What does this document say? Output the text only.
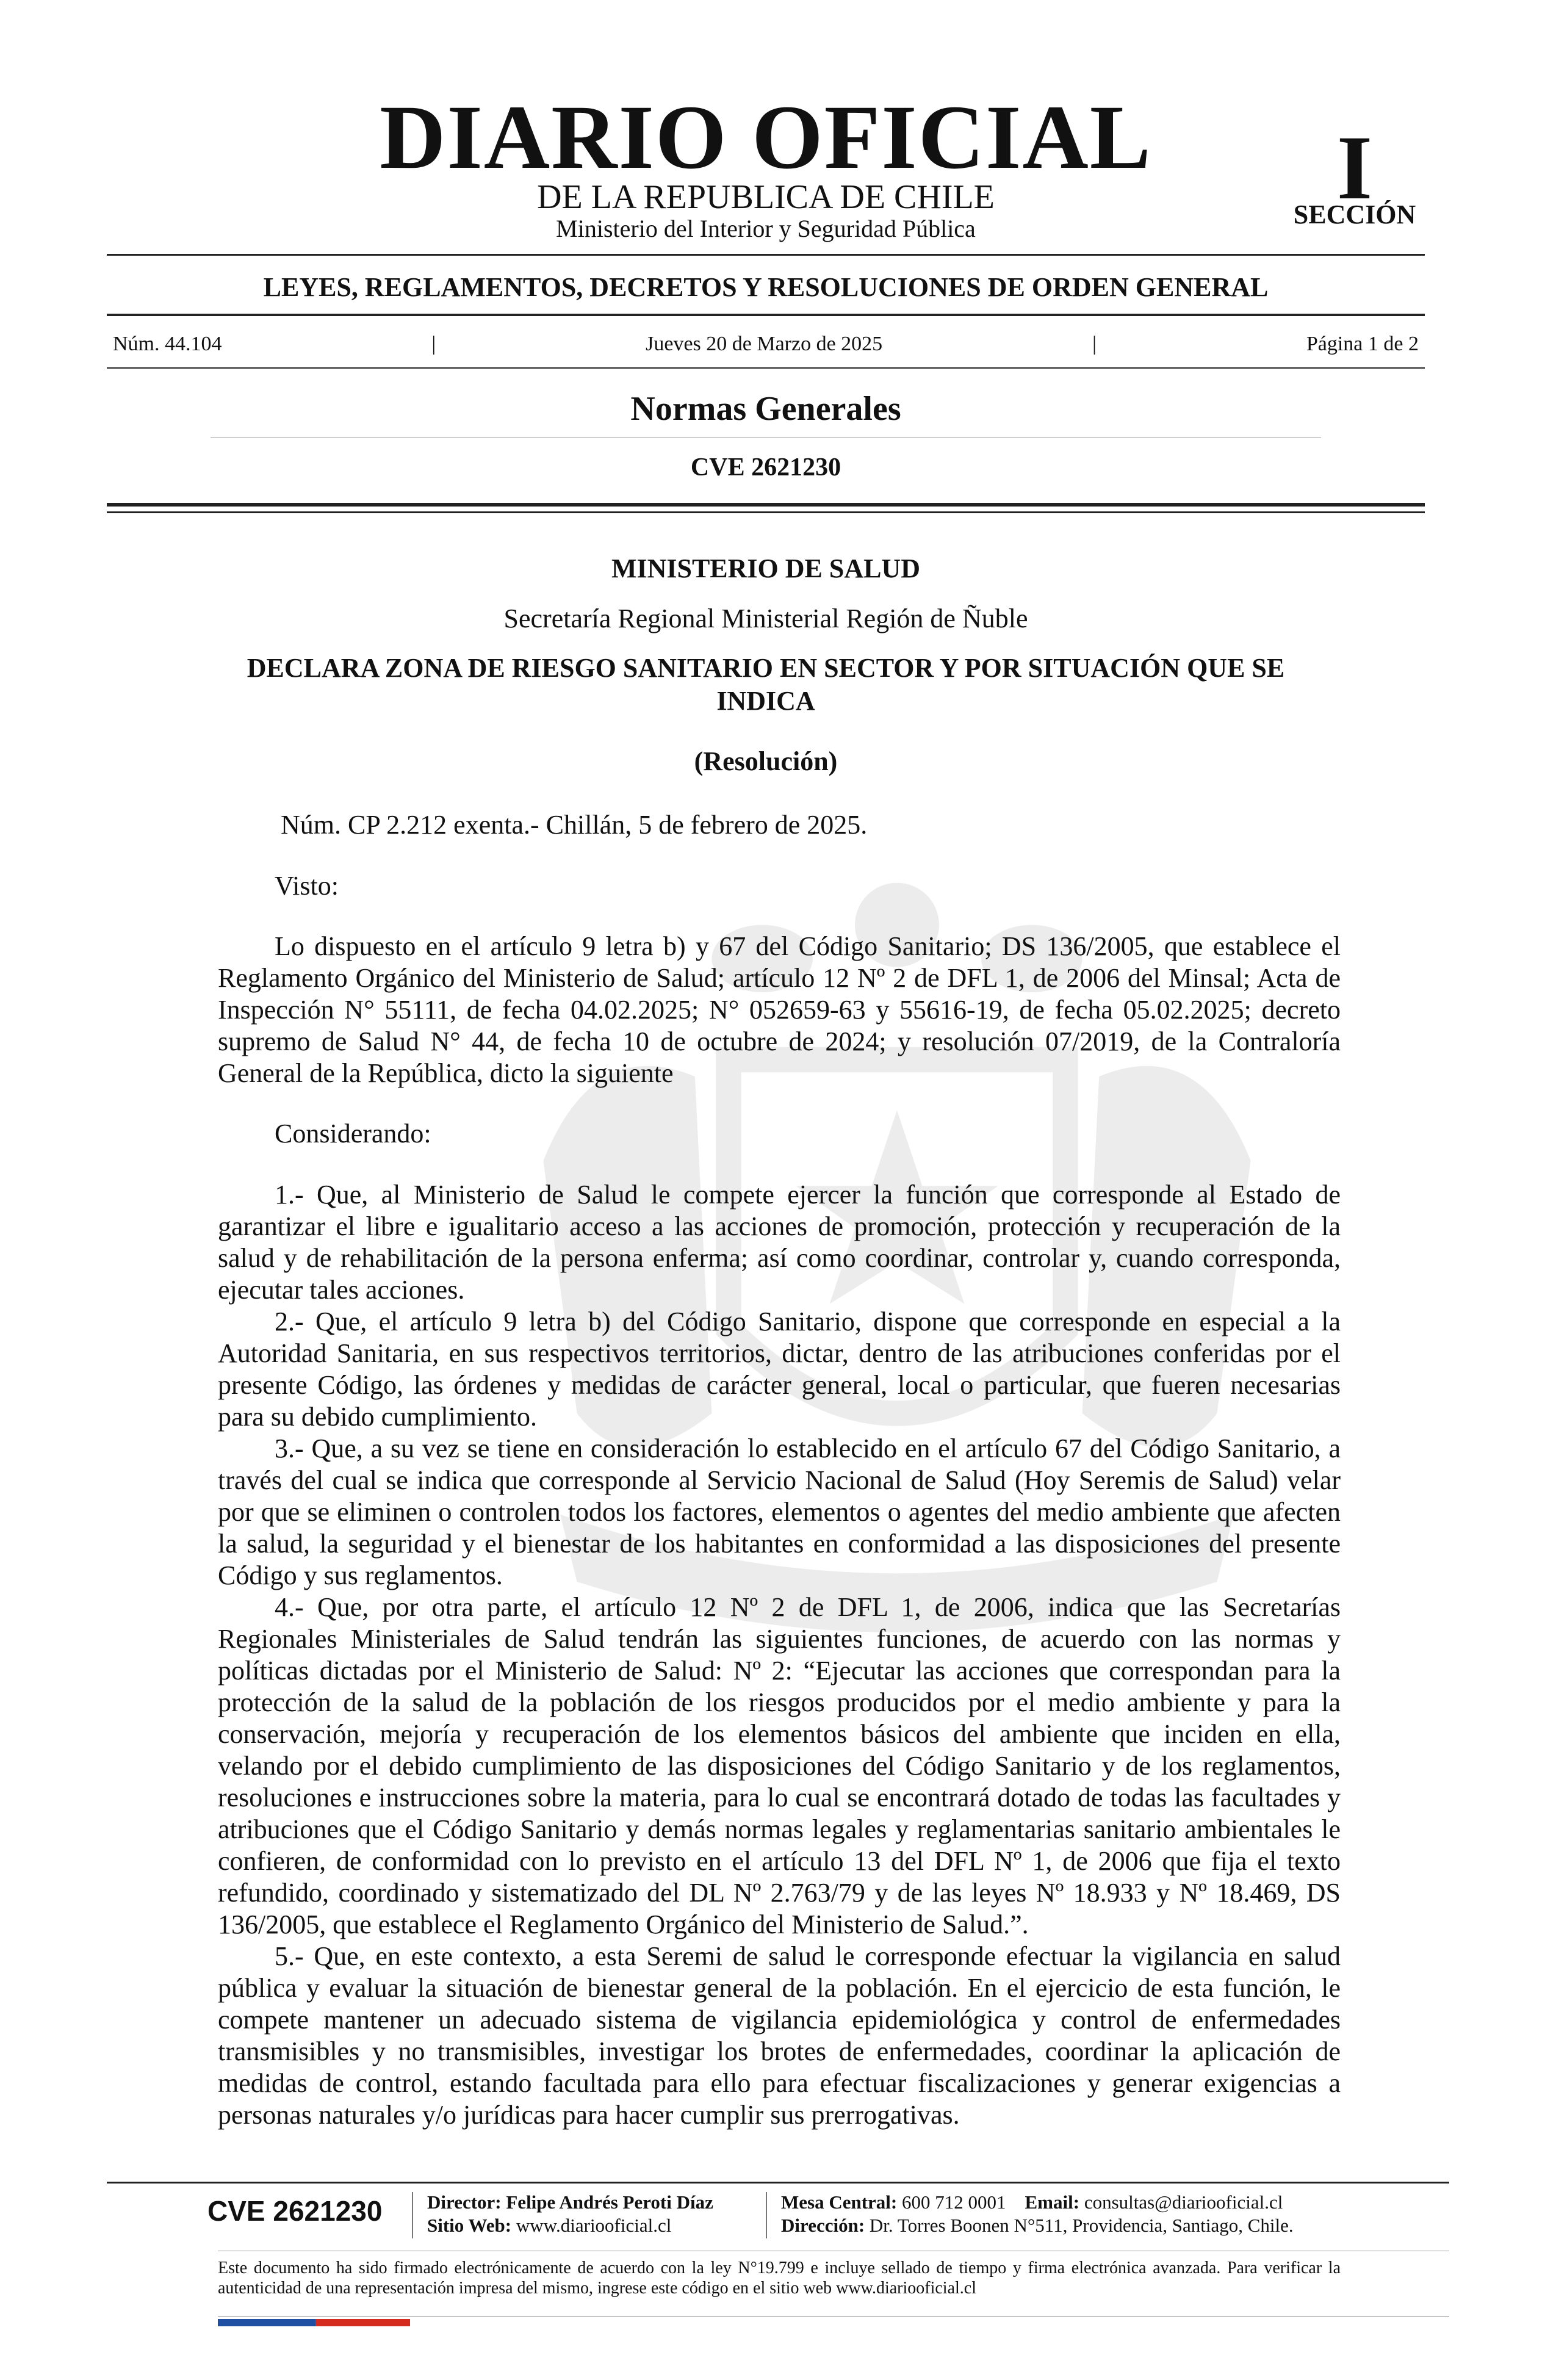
DIARIO OFICIAL
DE LA REPUBLICA DE CHILE
Ministerio del Interior y Seguridad Pública
I
SECCIÓN
LEYES, REGLAMENTOS, DECRETOS Y RESOLUCIONES DE ORDEN GENERAL
Núm. 44.104	|	Jueves 20 de Marzo de 2025	|	Página 1 de 2
Normas Generales
CVE 2621230
MINISTERIO DE SALUD
Secretaría Regional Ministerial Región de Ñuble
DECLARA ZONA DE RIESGO SANITARIO EN SECTOR Y POR SITUACIÓN QUE SE INDICA
(Resolución)
Núm. CP 2.212 exenta.- Chillán, 5 de febrero de 2025.
Visto:

Lo dispuesto en el artículo 9 letra b) y 67 del Código Sanitario; DS 136/2005, que establece el Reglamento Orgánico del Ministerio de Salud; artículo 12 Nº 2 de DFL 1, de 2006 del Minsal; Acta de Inspección N° 55111, de fecha 04.02.2025; N° 052659-63 y 55616-19, de fecha 05.02.2025; decreto supremo de Salud N° 44, de fecha 10 de octubre de 2024; y resolución 07/2019, de la Contraloría General de la República, dicto la siguiente

Considerando:

1.- Que, al Ministerio de Salud le compete ejercer la función que corresponde al Estado de garantizar el libre e igualitario acceso a las acciones de promoción, protección y recuperación de la salud y de rehabilitación de la persona enferma; así como coordinar, controlar y, cuando corresponda, ejecutar tales acciones.

2.- Que, el artículo 9 letra b) del Código Sanitario, dispone que corresponde en especial a la Autoridad Sanitaria, en sus respectivos territorios, dictar, dentro de las atribuciones conferidas por el presente Código, las órdenes y medidas de carácter general, local o particular, que fueren necesarias para su debido cumplimiento.

3.- Que, a su vez se tiene en consideración lo establecido en el artículo 67 del Código Sanitario, a través del cual se indica que corresponde al Servicio Nacional de Salud (Hoy Seremis de Salud) velar por que se eliminen o controlen todos los factores, elementos o agentes del medio ambiente que afecten la salud, la seguridad y el bienestar de los habitantes en conformidad a las disposiciones del presente Código y sus reglamentos.

4.- Que, por otra parte, el artículo 12 Nº 2 de DFL 1, de 2006, indica que las Secretarías Regionales Ministeriales de Salud tendrán las siguientes funciones, de acuerdo con las normas y políticas dictadas por el Ministerio de Salud: Nº 2: “Ejecutar las acciones que correspondan para la protección de la salud de la población de los riesgos producidos por el medio ambiente y para la conservación, mejoría y recuperación de los elementos básicos del ambiente que inciden en ella, velando por el debido cumplimiento de las disposiciones del Código Sanitario y de los reglamentos, resoluciones e instrucciones sobre la materia, para lo cual se encontrará dotado de todas las facultades y atribuciones que el Código Sanitario y demás normas legales y reglamentarias sanitario ambientales le confieren, de conformidad con lo previsto en el artículo 13 del DFL Nº 1, de 2006 que fija el texto refundido, coordinado y sistematizado del DL Nº 2.763/79 y de las leyes Nº 18.933 y Nº 18.469, DS 136/2005, que establece el Reglamento Orgánico del Ministerio de Salud.”.

5.- Que, en este contexto, a esta Seremi de salud le corresponde efectuar la vigilancia en salud pública y evaluar la situación de bienestar general de la población. En el ejercicio de esta función, le compete mantener un adecuado sistema de vigilancia epidemiológica y control de enfermedades transmisibles y no transmisibles, investigar los brotes de enfermedades, coordinar la aplicación de medidas de control, estando facultada para ello para efectuar fiscalizaciones y generar exigencias a personas naturales y/o jurídicas para hacer cumplir sus prerrogativas.

CVE 2621230 Director: Felipe Andrés Peroti Díaz
Sitio Web: www.diariooficial.cl
Mesa Central: 600 712 0001 Email: consultas@diariooficial.cl
Dirección: Dr. Torres Boonen N°511, Providencia, Santiago, Chile.

Este documento ha sido firmado electrónicamente de acuerdo con la ley N°19.799 e incluye sellado de tiempo y firma electrónica avanzada. Para verificar la autenticidad de una representación impresa del mismo, ingrese este código en el sitio web www.diariooficial.cl
